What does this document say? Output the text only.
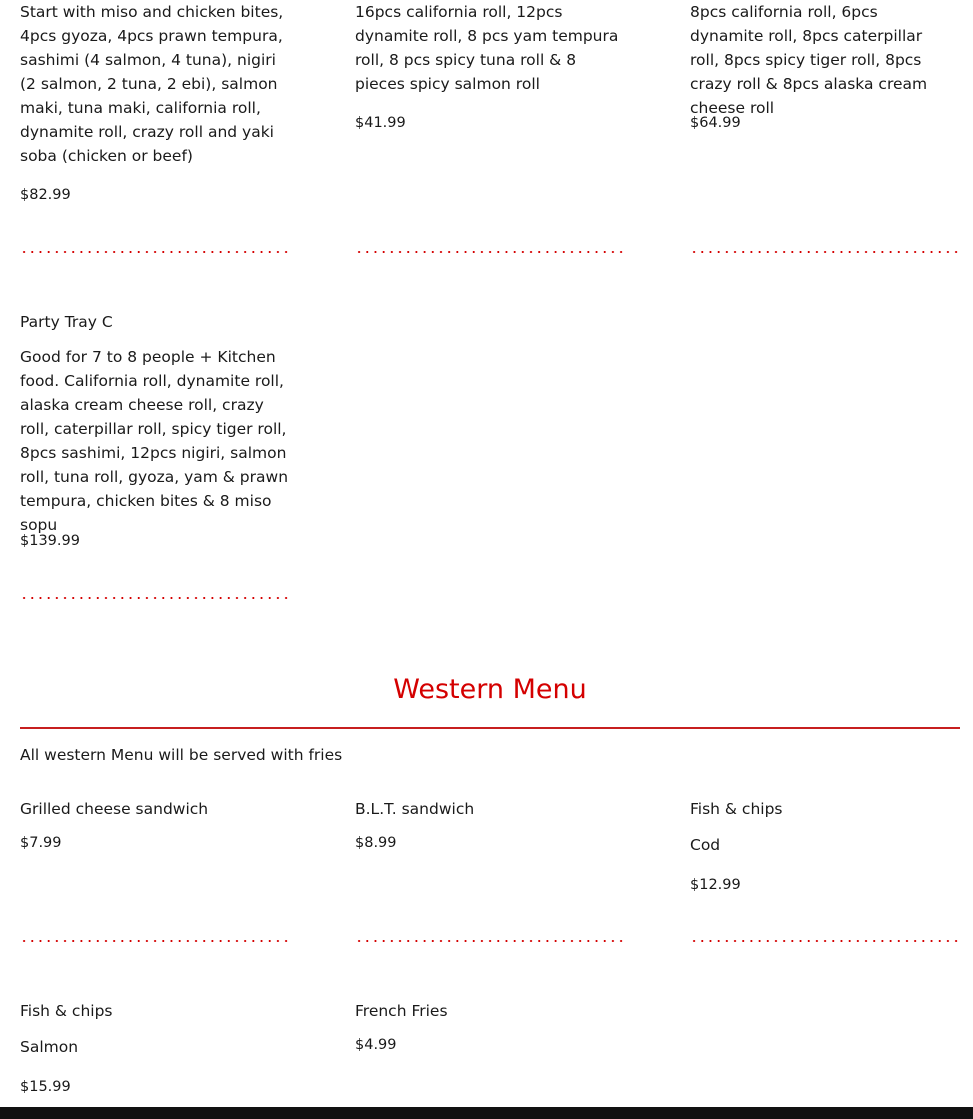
Start with miso and chicken bites, 4pcs gyoza, 4pcs prawn tempura, sashimi (4 salmon, 4 tuna), nigiri (2 salmon, 2 tuna, 2 ebi), salmon maki, tuna maki, california roll, dynamite roll, crazy roll and yaki soba (chicken or beef)
$82.99
16pcs california roll, 12pcs dynamite roll, 8 pcs yam tempura roll, 8 pcs spicy tuna roll & 8 pieces spicy salmon roll
$41.99
8pcs california roll, 6pcs dynamite roll, 8pcs caterpillar roll, 8pcs spicy tiger roll, 8pcs crazy roll & 8pcs alaska cream cheese roll
$64.99
Party Tray C
Good for 7 to 8 people + Kitchen food. California roll, dynamite roll, alaska cream cheese roll, crazy roll, caterpillar roll, spicy tiger roll, 8pcs sashimi, 12pcs nigiri, salmon roll, tuna roll, gyoza, yam & prawn tempura, chicken bites & 8 miso sopu
$139.99
Western Menu
All western Menu will be served with fries
Grilled cheese sandwich
$7.99
B.L.T. sandwich
$8.99
Fish & chips
Cod
$12.99
Fish & chips
Salmon
$15.99
French Fries
$4.99
